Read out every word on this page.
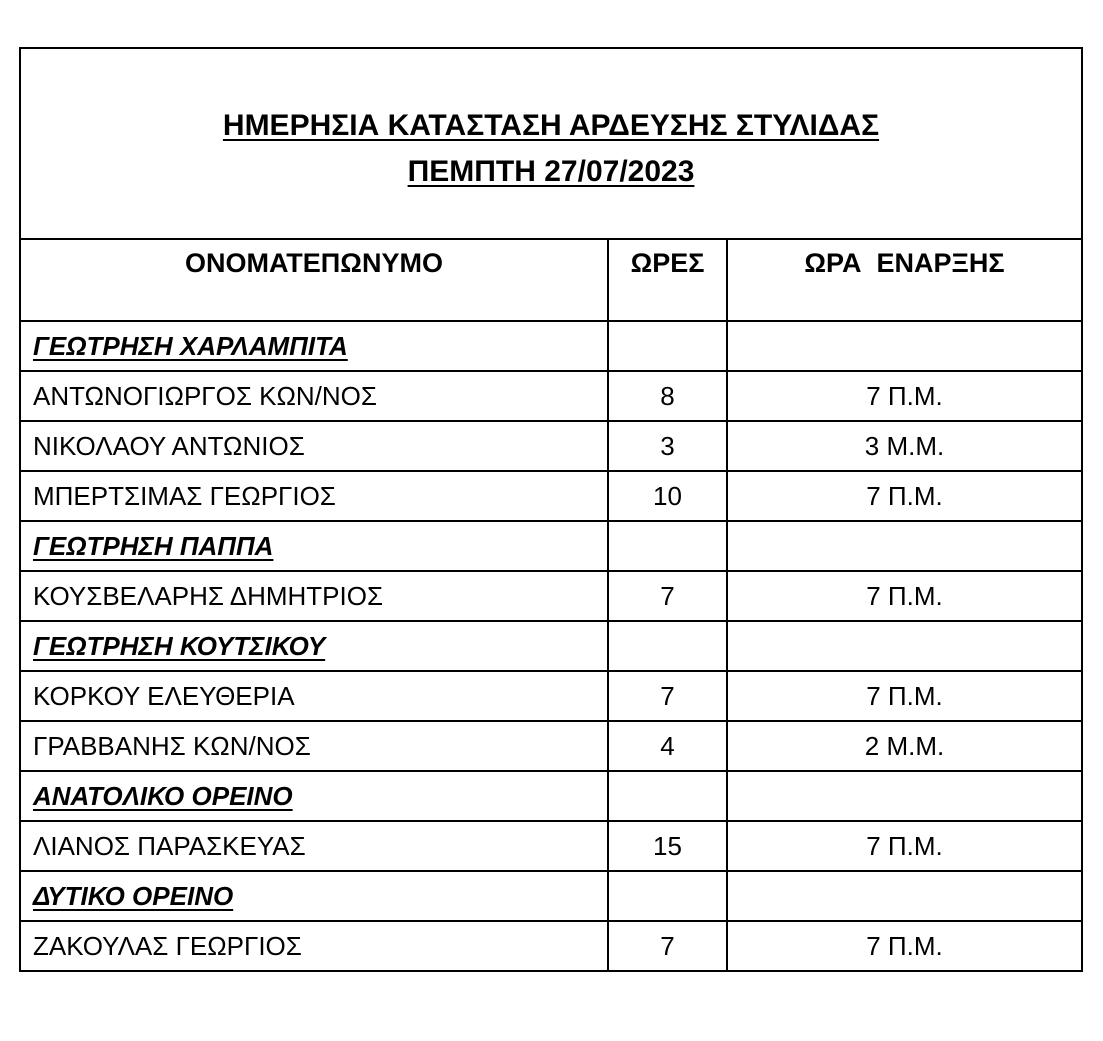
ΗΜΕΡΗΣΙΑ ΚΑΤΑΣΤΑΣΗ ΑΡΔΕΥΣΗΣ ΣΤΥΛΙΔΑΣ
ΠΕΜΠΤΗ 27/07/2023		

ΟΝΟΜΑΤΕΠΩΝΥΜΟ	ΩΡΕΣ	ΩΡΑ  ΕΝΑΡΞΗΣ
ΓΕΩΤΡΗΣΗ ΧΑΡΛΑΜΠΙΤΑ		
ΑΝΤΩΝΟΓΙΩΡΓΟΣ ΚΩΝ/ΝΟΣ	8	7 Π.Μ.
ΝΙΚΟΛΑΟΥ ΑΝΤΩΝΙΟΣ	3	3 Μ.Μ.
ΜΠΕΡΤΣΙΜΑΣ ΓΕΩΡΓΙΟΣ	10	7 Π.Μ.
ΓΕΩΤΡΗΣΗ ΠΑΠΠΑ		
ΚΟΥΣΒΕΛΑΡΗΣ ΔΗΜΗΤΡΙΟΣ	7	7 Π.Μ.
ΓΕΩΤΡΗΣΗ ΚΟΥΤΣΙΚΟΥ		
ΚΟΡΚΟΥ ΕΛΕΥΘΕΡΙΑ	7	7 Π.Μ.
ΓΡΑΒΒΑΝΗΣ ΚΩΝ/ΝΟΣ	4	2 Μ.Μ.
ΑΝΑΤΟΛΙΚΟ ΟΡΕΙΝΟ		
ΛΙΑΝΟΣ ΠΑΡΑΣΚΕΥΑΣ	15	7 Π.Μ.
ΔΥΤΙΚΟ ΟΡΕΙΝΟ		
ΖΑΚΟΥΛΑΣ ΓΕΩΡΓΙΟΣ	7	7 Π.Μ.
